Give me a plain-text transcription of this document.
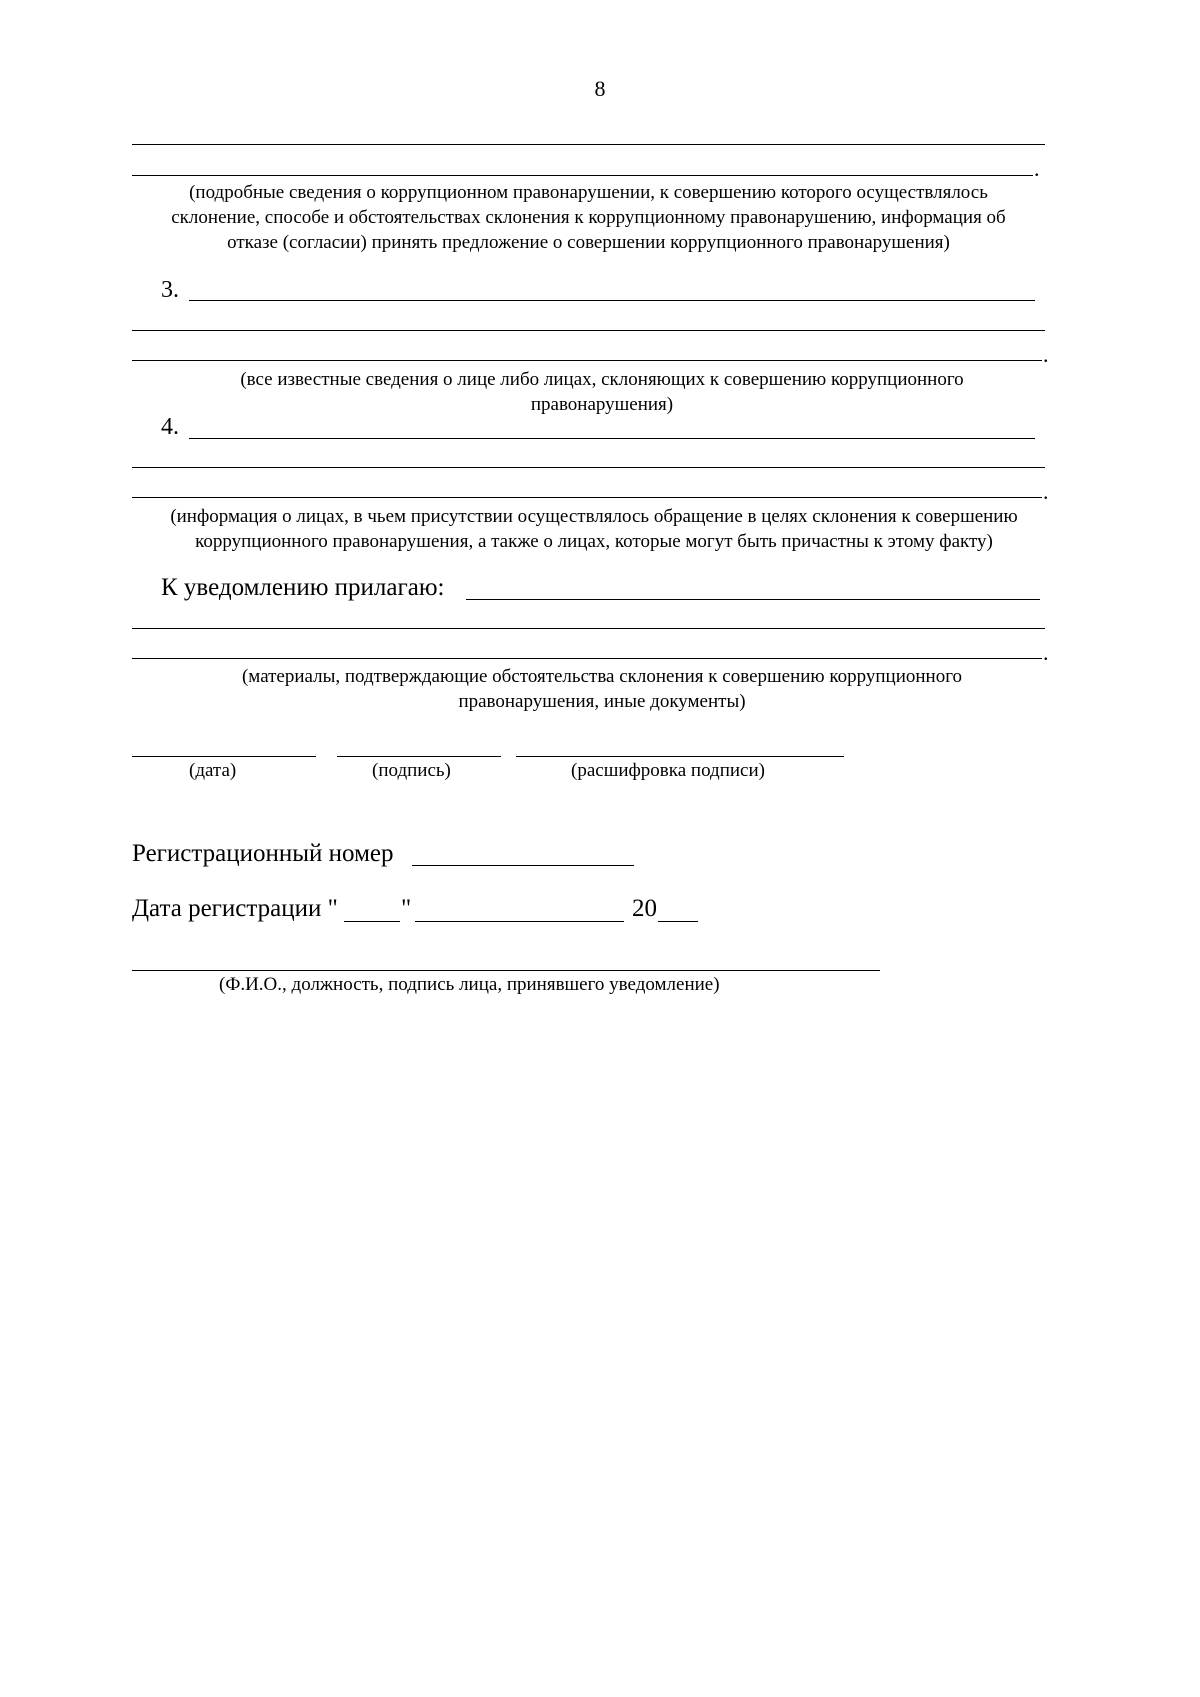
8
.
(подробные сведения о коррупционном правонарушении, к совершению которого осуществлялось
склонение, способе и обстоятельствах склонения к коррупционному правонарушению, информация об
отказе (согласии) принять предложение о совершении коррупционного правонарушения)
3.
.
(все известные сведения о лице либо лицах, склоняющих к совершению коррупционного
правонарушения)
4.
.
(информация о лицах, в чьем присутствии осуществлялось обращение в целях склонения к совершению
коррупционного правонарушения, а также о лицах, которые могут быть причастны к этому факту)
К уведомлению прилагаю:
.
(материалы, подтверждающие обстоятельства склонения к совершению коррупционного
правонарушения, иные документы)
(дата)	(подпись)	(расшифровка подписи)
Регистрационный номер
Дата регистрации "	"	20
(Ф.И.О., должность, подпись лица, принявшего уведомление)
